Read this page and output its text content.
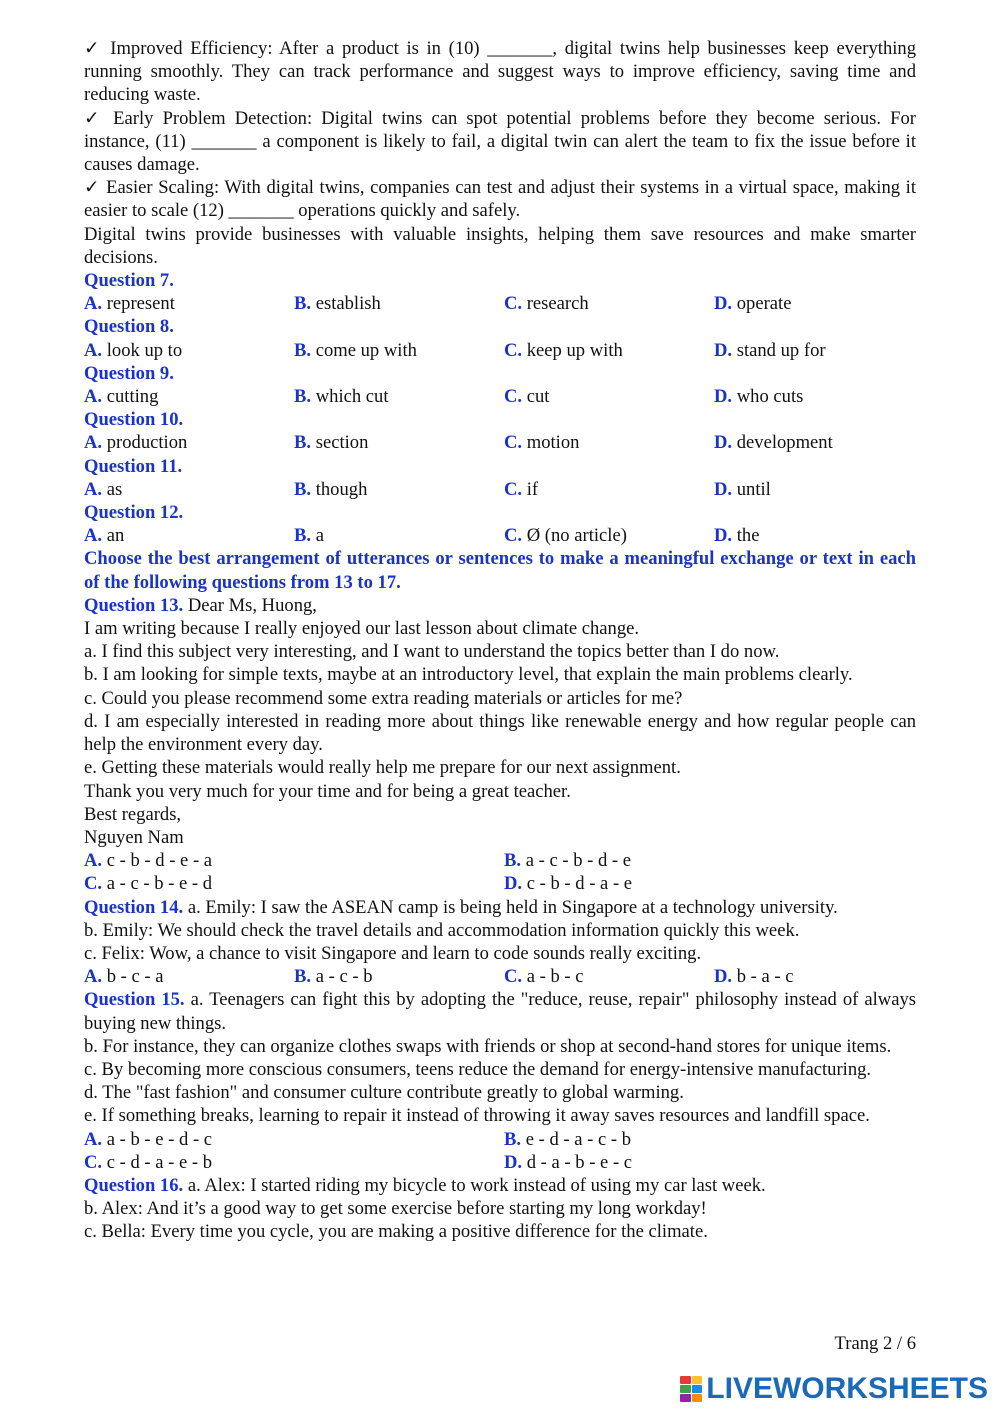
✓ Improved Efficiency: After a product is in (10) _______, digital twins help businesses keep everything running smoothly. They can track performance and suggest ways to improve efficiency, saving time and reducing waste.

✓ Early Problem Detection: Digital twins can spot potential problems before they become serious. For instance, (11) _______ a component is likely to fail, a digital twin can alert the team to fix the issue before it causes damage.

✓ Easier Scaling: With digital twins, companies can test and adjust their systems in a virtual space, making it easier to scale (12) _______ operations quickly and safely.

Digital twins provide businesses with valuable insights, helping them save resources and make smarter decisions.

Question 7.
A. represent	B. establish	C. research	D. operate
Question 8.
A. look up to	B. come up with	C. keep up with	D. stand up for
Question 9.
A. cutting	B. which cut	C. cut	D. who cuts
Question 10.
A. production	B. section	C. motion	D. development
Question 11.
A. as	B. though	C. if	D. until
Question 12.
A. an	B. a	C. Ø (no article)	D. the

Choose the best arrangement of utterances or sentences to make a meaningful exchange or text in each of the following questions from 13 to 17.

Question 13. Dear Ms, Huong,

I am writing because I really enjoyed our last lesson about climate change.

a. I find this subject very interesting, and I want to understand the topics better than I do now.

b. I am looking for simple texts, maybe at an introductory level, that explain the main problems clearly.

c. Could you please recommend some extra reading materials or articles for me?

d. I am especially interested in reading more about things like renewable energy and how regular people can help the environment every day.

e. Getting these materials would really help me prepare for our next assignment.

Thank you very much for your time and for being a great teacher.

Best regards,

Nguyen Nam

A. c - b - d - e - a	B. a - c - b - d - e
C. a - c - b - e - d	D. c - b - d - a - e

Question 14. a. Emily: I saw the ASEAN camp is being held in Singapore at a technology university.

b. Emily: We should check the travel details and accommodation information quickly this week.

c. Felix: Wow, a chance to visit Singapore and learn to code sounds really exciting.

A. b - c - a	B. a - c - b	C. a - b - c	D. b - a - c

Question 15. a. Teenagers can fight this by adopting the "reduce, reuse, repair" philosophy instead of always buying new things.

b. For instance, they can organize clothes swaps with friends or shop at second-hand stores for unique items.

c. By becoming more conscious consumers, teens reduce the demand for energy-intensive manufacturing.

d. The "fast fashion" and consumer culture contribute greatly to global warming.

e. If something breaks, learning to repair it instead of throwing it away saves resources and landfill space.

A. a - b - e - d - c	B. e - d - a - c - b
C. c - d - a - e - b	D. d - a - b - e - c

Question 16. a. Alex: I started riding my bicycle to work instead of using my car last week.

b. Alex: And it’s a good way to get some exercise before starting my long workday!

c. Bella: Every time you cycle, you are making a positive difference for the climate.

Trang 2 / 6
LIVEWORKSHEETS
